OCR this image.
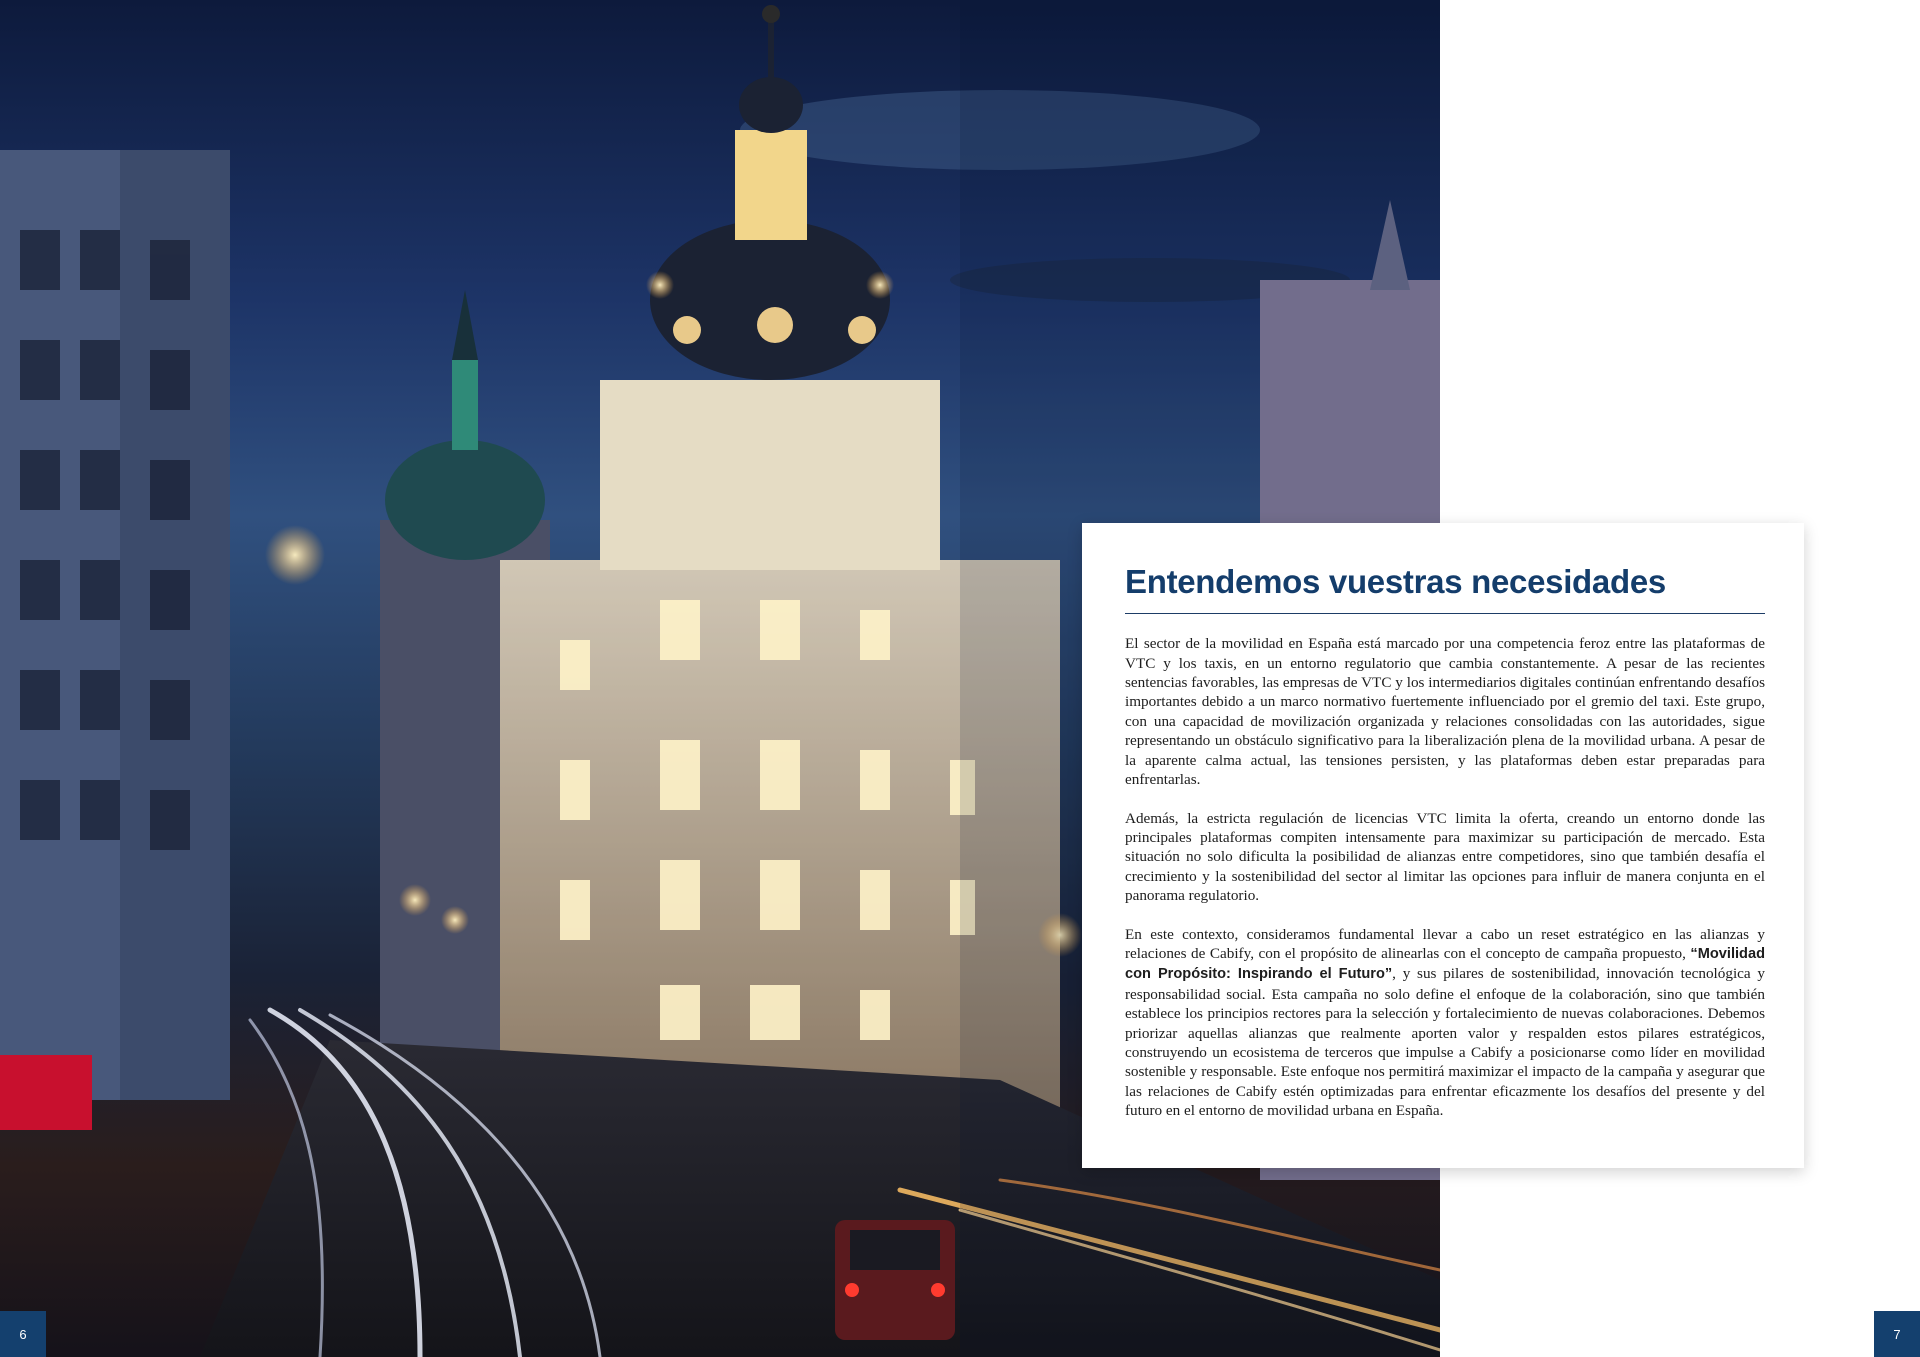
Entendemos vuestras necesidades

El sector de la movilidad en España está marcado por una competencia feroz entre las plataformas de VTC y los taxis, en un entorno regulatorio que cambia constantemente. A pesar de las recientes sentencias favorables, las empresas de VTC y los intermediarios digitales continúan enfrentando desafíos importantes debido a un marco normativo fuertemente influenciado por el gremio del taxi. Este grupo, con una capacidad de movilización organizada y relaciones consolidadas con las autoridades, sigue representando un obstáculo significativo para la liberalización plena de la movilidad urbana. A pesar de la aparente calma actual, las tensiones persisten, y las plataformas deben estar preparadas para enfrentarlas.

Además, la estricta regulación de licencias VTC limita la oferta, creando un entorno donde las principales plataformas compiten intensamente para maximizar su participación de mercado. Esta situación no solo dificulta la posibilidad de alianzas entre competidores, sino que también desafía el crecimiento y la sostenibilidad del sector al limitar las opciones para influir de manera conjunta en el panorama regulatorio.

En este contexto, consideramos fundamental llevar a cabo un reset estratégico en las alianzas y relaciones de Cabify, con el propósito de alinearlas con el concepto de campaña propuesto, “Movilidad con Propósito: Inspirando el Futuro”, y sus pilares de sostenibilidad, innovación tecnológica y responsabilidad social. Esta campaña no solo define el enfoque de la colaboración, sino que también establece los principios rectores para la selección y fortalecimiento de nuevas colaboraciones. Debemos priorizar aquellas alianzas que realmente aporten valor y respalden estos pilares estratégicos, construyendo un ecosistema de terceros que impulse a Cabify a posicionarse como líder en movilidad sostenible y responsable. Este enfoque nos permitirá maximizar el impacto de la campaña y asegurar que las relaciones de Cabify estén optimizadas para enfrentar eficazmente los desafíos del presente y del futuro en el entorno de movilidad urbana en España.

6	7
